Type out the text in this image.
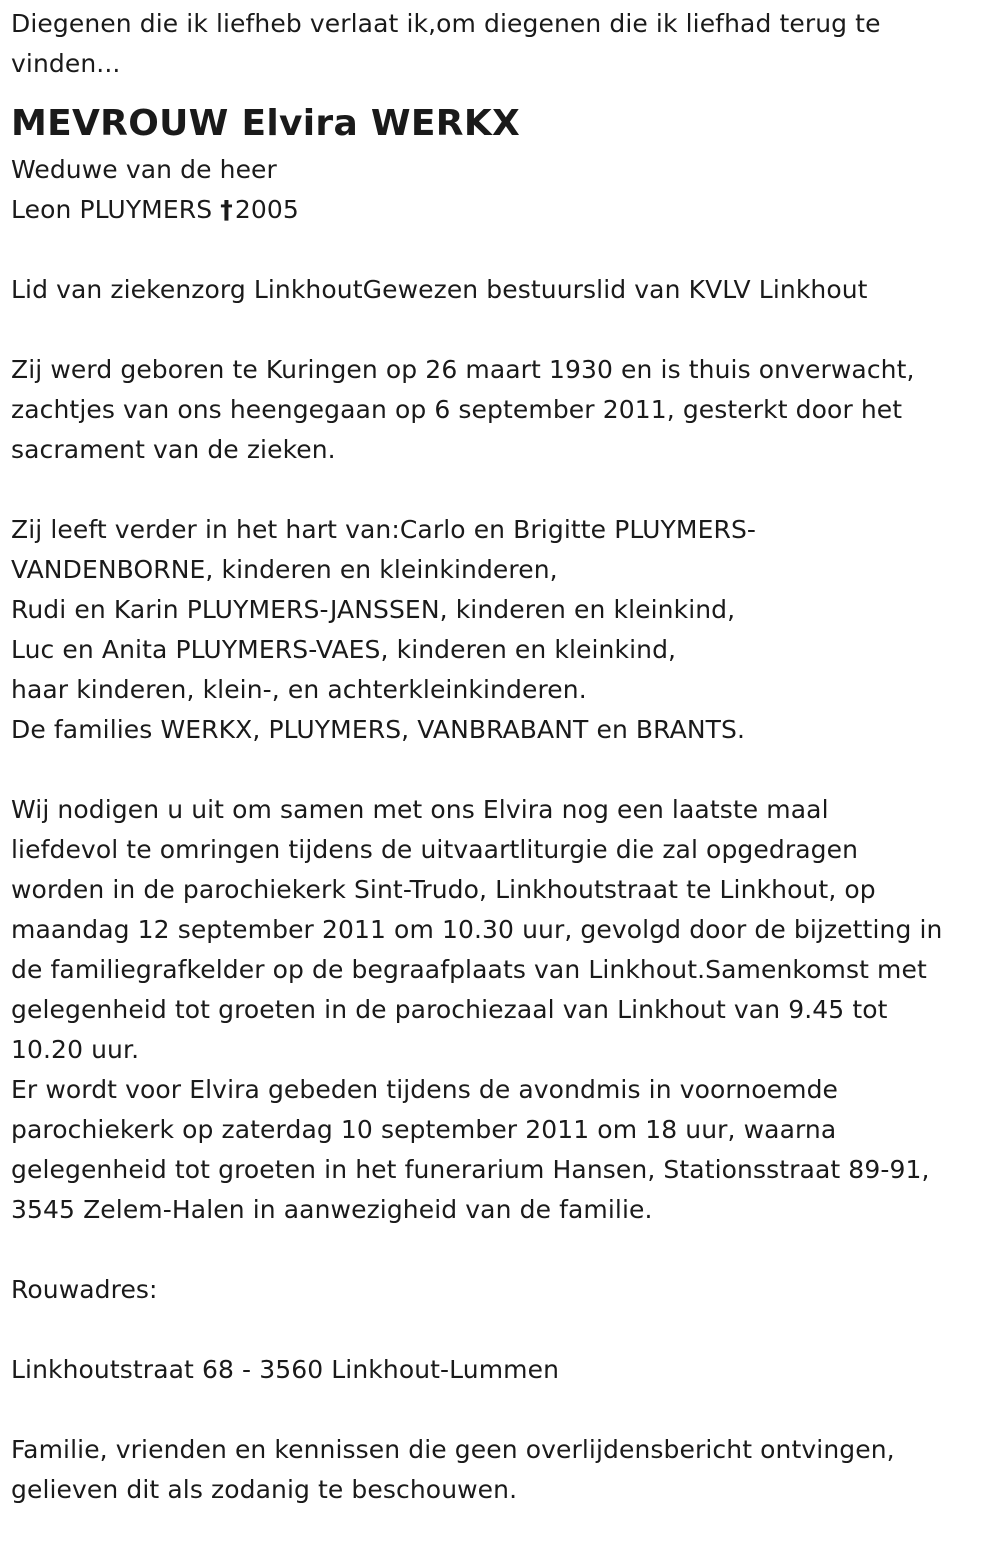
Diegenen die ik liefheb verlaat ik,om diegenen die ik liefhad terug te

vinden...

MEVROUW Elvira WERKX

Weduwe van de heer

Leon PLUYMERS †2005

Lid van ziekenzorg LinkhoutGewezen bestuurslid van KVLV Linkhout

Zij werd geboren te Kuringen op 26 maart 1930 en is thuis onverwacht,

zachtjes van ons heengegaan op 6 september 2011, gesterkt door het

sacrament van de zieken.

Zij leeft verder in het hart van:Carlo en Brigitte PLUYMERS-

VANDENBORNE, kinderen en kleinkinderen,

Rudi en Karin PLUYMERS-JANSSEN, kinderen en kleinkind,

Luc en Anita PLUYMERS-VAES, kinderen en kleinkind,

haar kinderen, klein-, en achterkleinkinderen.

De families WERKX, PLUYMERS, VANBRABANT en BRANTS.

Wij nodigen u uit om samen met ons Elvira nog een laatste maal

liefdevol te omringen tijdens de uitvaartliturgie die zal opgedragen

worden in de parochiekerk Sint-Trudo, Linkhoutstraat te Linkhout, op

maandag 12 september 2011 om 10.30 uur, gevolgd door de bijzetting in

de familiegrafkelder op de begraafplaats van Linkhout.Samenkomst met

gelegenheid tot groeten in de parochiezaal van Linkhout van 9.45 tot

10.20 uur.

Er wordt voor Elvira gebeden tijdens de avondmis in voornoemde

parochiekerk op zaterdag 10 september 2011 om 18 uur, waarna

gelegenheid tot groeten in het funerarium Hansen, Stationsstraat 89-91,

3545 Zelem-Halen in aanwezigheid van de familie.

Rouwadres:

Linkhoutstraat 68 - 3560 Linkhout-Lummen

Familie, vrienden en kennissen die geen overlijdensbericht ontvingen,

gelieven dit als zodanig te beschouwen.
